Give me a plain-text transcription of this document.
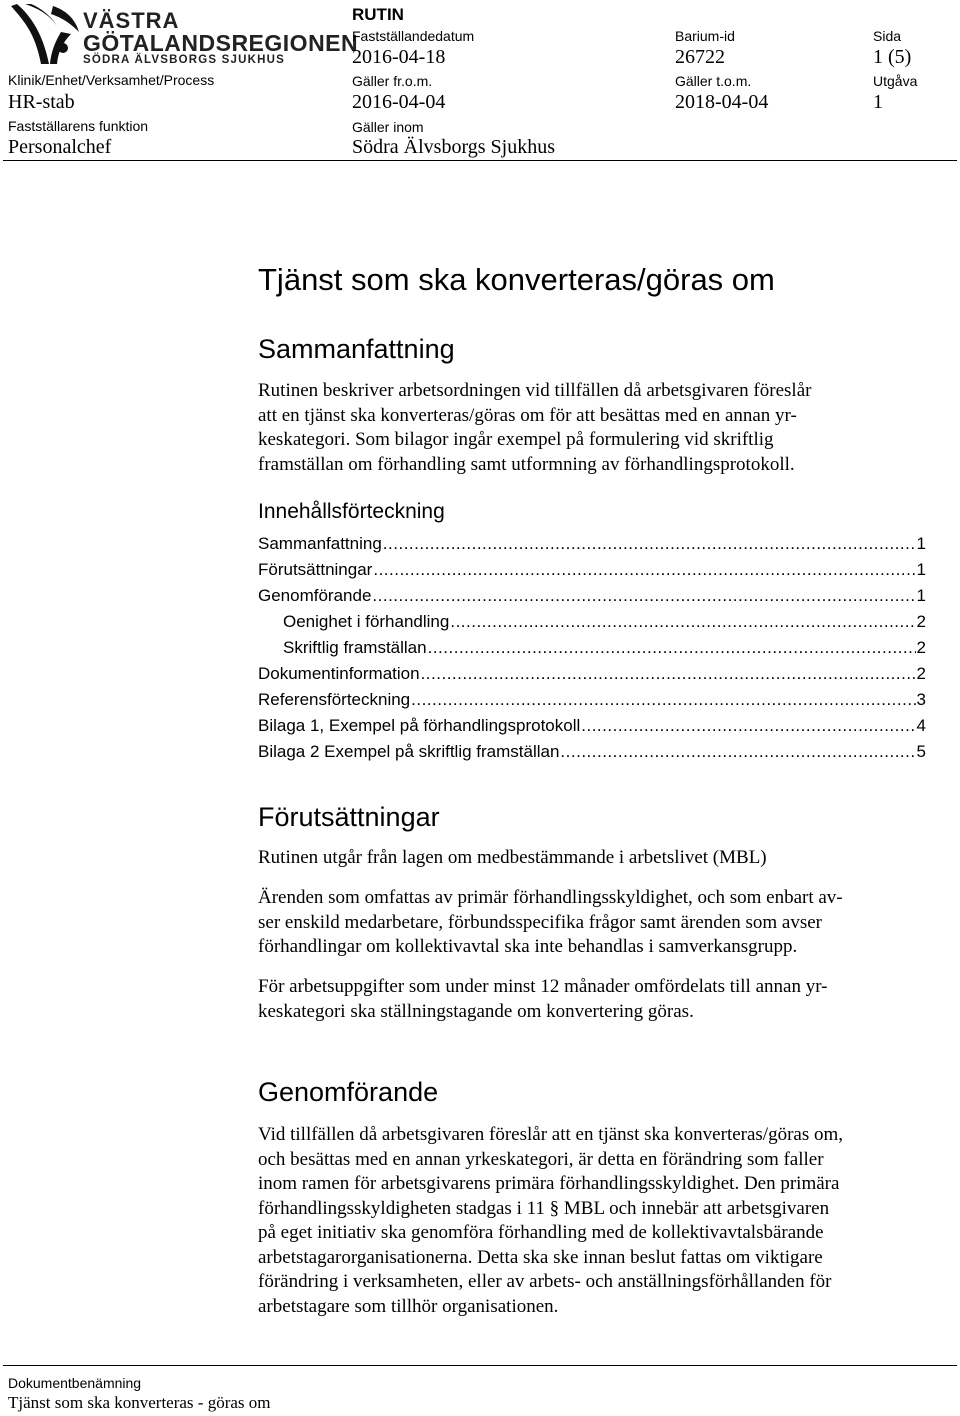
VÄSTRA
GÖTALANDSREGIONEN
SÖDRA ÄLVSBORGS SJUKHUS
RUTIN
Klinik/Enhet/Verksamhet/Process
HR-stab
Fastställarens funktion
Personalchef
Fastställandedatum
2016-04-18
Gäller fr.o.m.
2016-04-04
Gäller inom
Södra Älvsborgs Sjukhus
Barium-id
26722
Gäller t.o.m.
2018-04-04
Sida
1 (5)
Utgåva
1
Tjänst som ska konverteras/göras om
Sammanfattning
Rutinen beskriver arbetsordningen vid tillfällen då arbetsgivaren föreslår
att en tjänst ska konverteras/göras om för att besättas med en annan yr-
keskategori. Som bilagor ingår exempel på formulering vid skriftlig
framställan om förhandling samt utformning av förhandlingsprotokoll.
Innehållsförteckning
Sammanfattning .....	1
Förutsättningar .....	1
Genomförande .....	1
Oenighet i förhandling .....	2
Skriftlig framställan .....	2
Dokumentinformation .....	2
Referensförteckning .....	3
Bilaga 1, Exempel på förhandlingsprotokoll .....	4
Bilaga 2 Exempel på skriftlig framställan .....	5
Förutsättningar
Rutinen utgår från lagen om medbestämmande i arbetslivet (MBL)
Ärenden som omfattas av primär förhandlingsskyldighet, och som enbart av-
ser enskild medarbetare, förbundsspecifika frågor samt ärenden som avser
förhandlingar om kollektivavtal ska inte behandlas i samverkansgrupp.
För arbetsuppgifter som under minst 12 månader omfördelats till annan yr-
keskategori ska ställningstagande om konvertering göras.
Genomförande
Vid tillfällen då arbetsgivaren föreslår att en tjänst ska konverteras/göras om,
och besättas med en annan yrkeskategori, är detta en förändring som faller
inom ramen för arbetsgivarens primära förhandlingsskyldighet. Den primära
förhandlingsskyldigheten stadgas i 11 § MBL och innebär att arbetsgivaren
på eget initiativ ska genomföra förhandling med de kollektivavtalsbärande
arbetstagarorganisationerna. Detta ska ske innan beslut fattas om viktigare
förändring i verksamheten, eller av arbets- och anställningsförhållanden för
arbetstagare som tillhör organisationen.
Dokumentbenämning
Tjänst som ska konverteras - göras om
